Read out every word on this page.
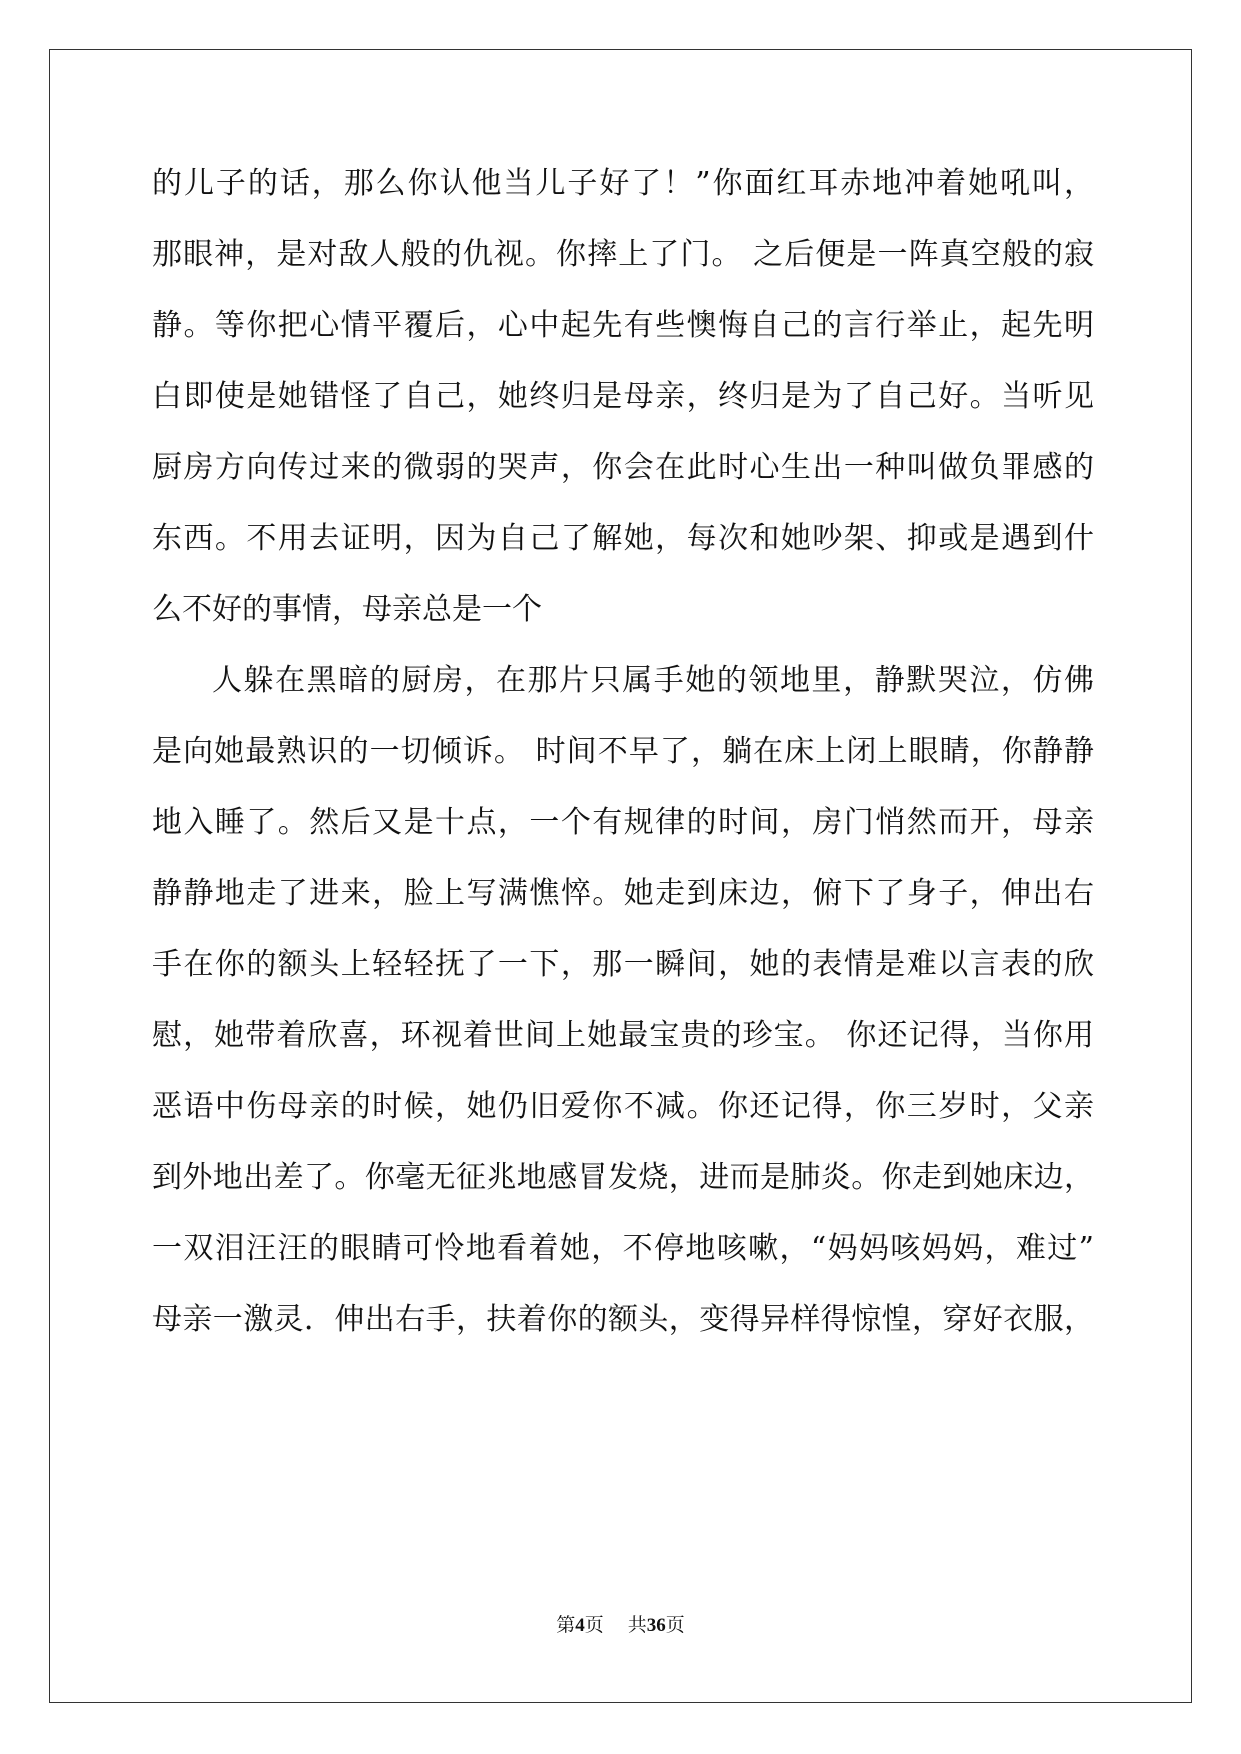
的儿子的话，那么你认他当儿子好了！”你面红耳赤地冲着她吼叫，
那眼神，是对敌人般的仇视。你摔上了门。 之后便是一阵真空般的寂
静。等你把心情平覆后，心中起先有些懊悔自己的言行举止，起先明
白即使是她错怪了自己，她终归是母亲，终归是为了自己好。当听见
厨房方向传过来的微弱的哭声，你会在此时心生出一种叫做负罪感的
东西。不用去证明，因为自己了解她，每次和她吵架、抑或是遇到什
么不好的事情，母亲总是一个
人躲在黑暗的厨房，在那片只属手她的领地里，静默哭泣，仿佛
是向她最熟识的一切倾诉。 时间不早了，躺在床上闭上眼睛，你静静
地入睡了。然后又是十点，一个有规律的时间，房门悄然而开，母亲
静静地走了进来，脸上写满憔悴。她走到床边，俯下了身子，伸出右
手在你的额头上轻轻抚了一下，那一瞬间，她的表情是难以言表的欣
慰，她带着欣喜，环视着世间上她最宝贵的珍宝。 你还记得，当你用
恶语中伤母亲的时候，她仍旧爱你不减。你还记得，你三岁时，父亲
到外地出差了。你毫无征兆地感冒发烧，进而是肺炎。你走到她床边，
一双泪汪汪的眼睛可怜地看着她，不停地咳嗽，“妈妈咳妈妈，难过”
母亲一激灵．伸出右手，扶着你的额头，变得异样得惊惶，穿好衣服，
第4页 共36页
